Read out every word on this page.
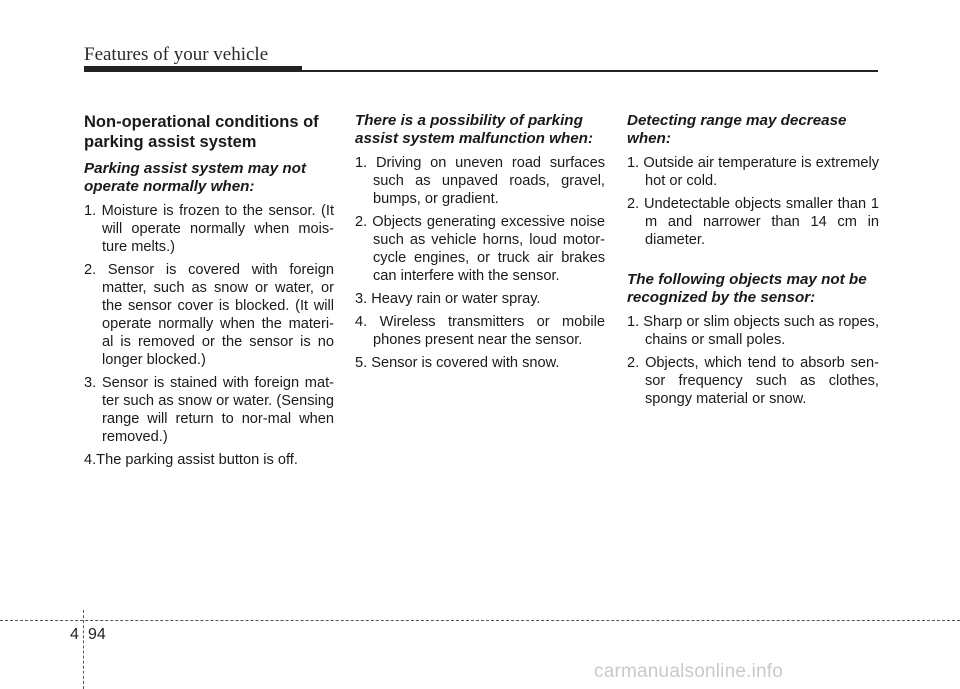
Features of your vehicle
Non-operational conditions of parking assist system
Parking assist system may not operate normally when:
1. Moisture is frozen to the sensor. (It will operate normally when mois-ture melts.)
2. Sensor is covered with foreign matter, such as snow or water, or the sensor cover is blocked. (It will operate normally when the materi-al is removed or the sensor is no longer blocked.)
3. Sensor is stained with foreign mat-ter such as snow or water. (Sensing range will return to nor-mal when removed.)
4.The parking assist button is off.
There is a possibility of parking assist system malfunction when:
1. Driving on uneven road surfaces such as unpaved roads, gravel, bumps, or gradient.
2. Objects generating excessive noise such as vehicle horns, loud motor-cycle engines, or truck air brakes can interfere with the sensor.
3. Heavy rain or water spray.
4. Wireless transmitters or mobile phones present near the sensor.
5. Sensor is covered with snow.
Detecting range may decrease when:
1. Outside air temperature is extremely hot or cold.
2. Undetectable objects smaller than 1 m and narrower than 14 cm in diameter.
The following objects may not be recognized by the sensor:
1. Sharp or slim objects such as ropes, chains or small poles.
2. Objects, which tend to absorb sen-sor frequency such as clothes, spongy material or snow.
4 94
carmanualsonline.info
